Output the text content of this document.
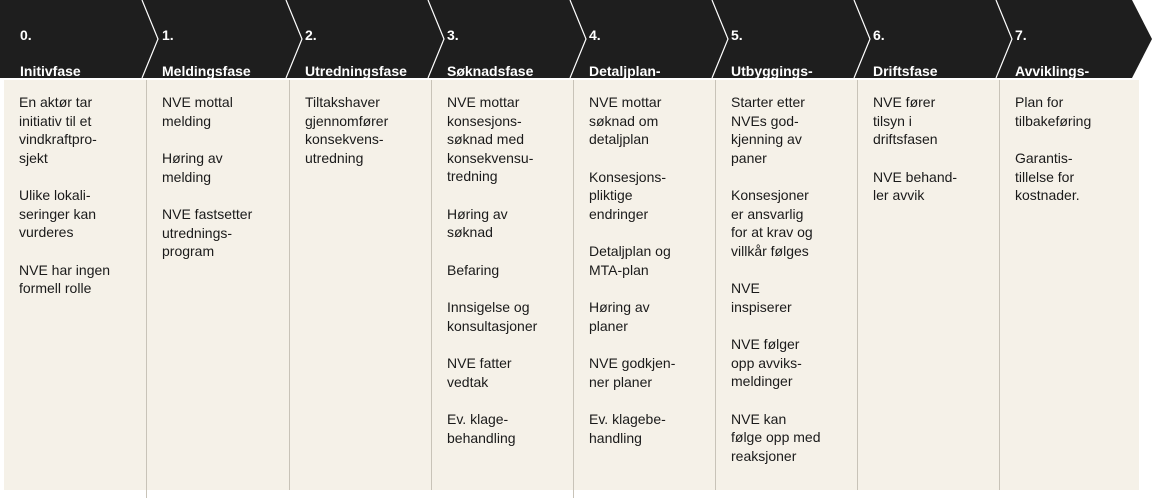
0.

Initivfase

1.

Meldingsfase

2.

Utredningsfase

3.

Søknadsfase

4.

Detaljplan-

5.

Utbyggings-

6.

Driftsfase

7.

Avviklings-

En aktør tar
initiativ til et
vindkraftpro-
sjekt
Ulike lokali-
seringer kan
vurderes
NVE har ingen
formell rolle
NVE mottal
melding
Høring av
melding
NVE fastsetter
utrednings-
program
Tiltakshaver
gjennomfører
konsekvens-
utredning
NVE mottar
konsesjons-
søknad med
konsekvensu-
tredning
Høring av
søknad
Befaring
Innsigelse og
konsultasjoner
NVE fatter
vedtak
Ev. klage-
behandling
NVE mottar
søknad om
detaljplan
Konsesjons-
pliktige
endringer
Detaljplan og
MTA-plan
Høring av
planer
NVE godkjen-
ner planer
Ev. klagebe-
handling
Starter etter
NVEs god-
kjenning av
paner
Konsesjoner
er ansvarlig
for at krav og
villkår følges
NVE
inspiserer
NVE følger
opp avviks-
meldinger
NVE kan
følge opp med
reaksjoner
NVE fører
tilsyn i
driftsfasen
NVE behand-
ler avvik
Plan for
tilbakeføring
Garantis-
tillelse for
kostnader.
